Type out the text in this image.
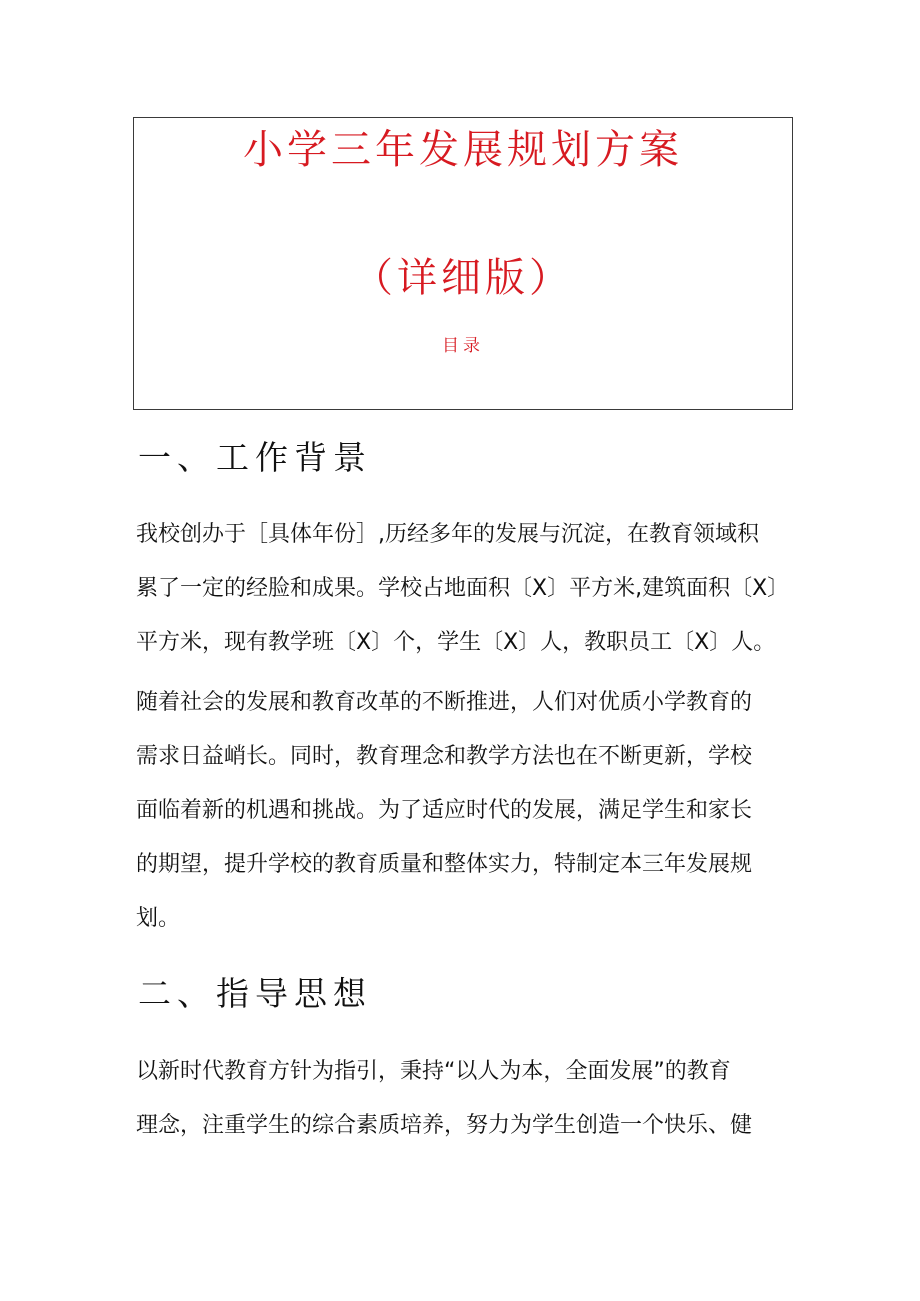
小学三年发展规划方案
（详细版）
目录
一、工作背景

我校创办于［具体年份］,历经多年的发展与沉淀，在教育领域积
累了一定的经脸和成果。学校占地面积〔X〕平方米,建筑面积〔X〕
平方米，现有教学班〔X〕个，学生〔X〕人，教职员工〔X〕人。

随着社会的发展和教育改革的不断推进，人们对优质小学教育的
需求日益峭长。同时，教育理念和教学方法也在不断更新，学校
面临着新的机遇和挑战。为了适应时代的发展，满足学生和家长
的期望，提升学校的教育质量和整体实力，特制定本三年发展规
划。

二、指导思想

以新时代教育方针为指引，秉持“以人为本，全面发展”的教育
理念，注重学生的综合素质培养，努力为学生创造一个快乐、健
